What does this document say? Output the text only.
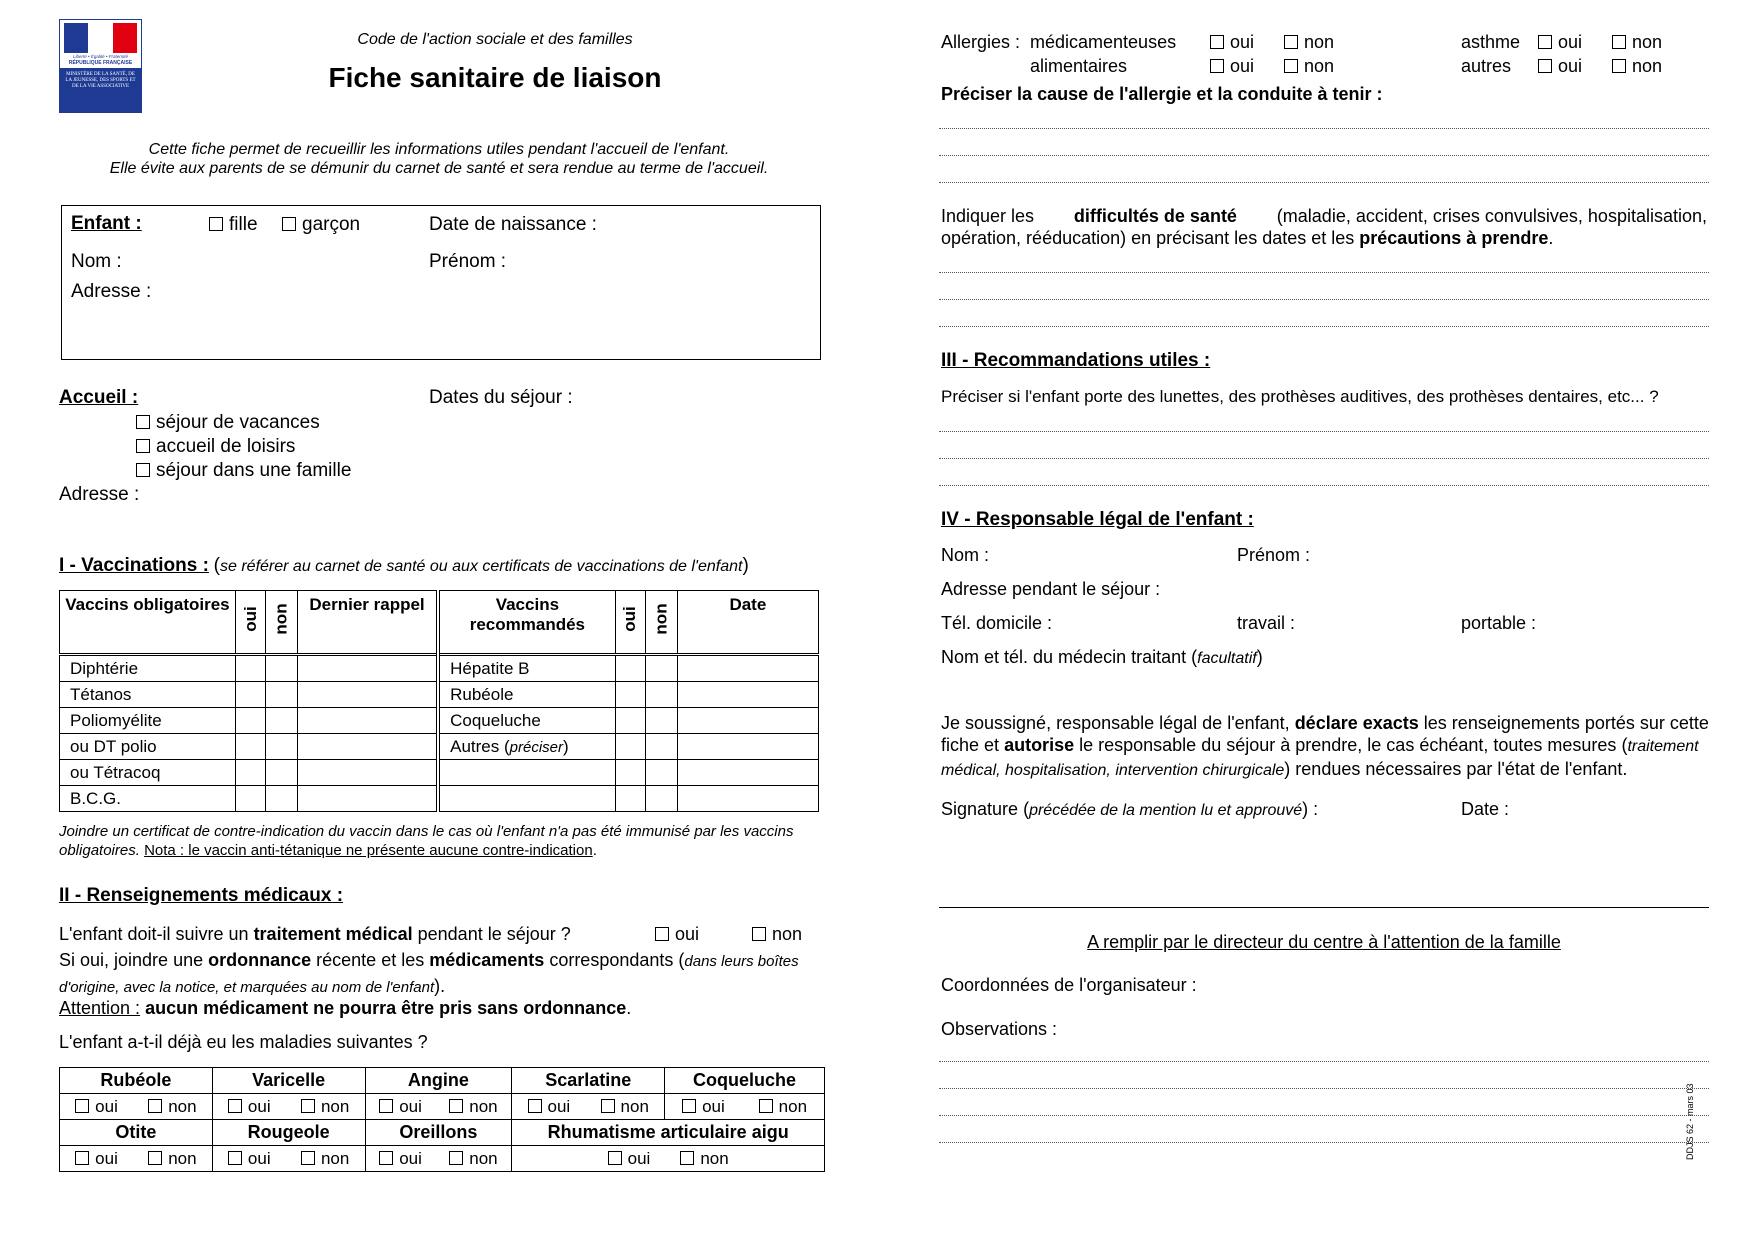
Liberté • Égalité • Fraternité
RÉPUBLIQUE FRANÇAISE
MINISTÈRE DE LA SANTÉ, DE LA JEUNESSE, DES SPORTS ET DE LA VIE ASSOCIATIVE
Code de l'action sociale et des familles
Fiche sanitaire de liaison
Cette fiche permet de recueillir les informations utiles pendant l'accueil de l'enfant.
Elle évite aux parents de se démunir du carnet de santé et sera rendue au terme de l'accueil.
Enfant :	fille	garçon	Date de naissance :
Nom :	Prénom :
Adresse :
Accueil :	Dates du séjour :
séjour de vacances
accueil de loisirs
séjour dans une famille
Adresse :
I - Vaccinations : (se référer au carnet de santé ou aux certificats de vaccinations de l'enfant)
Vaccins obligatoires	oui	non	Dernier rappel	Vaccins recommandés	oui	non	Date
Diphtérie				Hépatite B			
Tétanos				Rubéole			
Poliomyélite				Coqueluche			
ou DT polio				Autres (préciser)			
ou Tétracoq							
B.C.G.							
Joindre un certificat de contre-indication du vaccin dans le cas où l'enfant n'a pas été immunisé par les vaccins obligatoires. Nota : le vaccin anti-tétanique ne présente aucune contre-indication.
II - Renseignements médicaux :
L'enfant doit-il suivre un traitement médical pendant le séjour ?	oui	non
Si oui, joindre une ordonnance récente et les médicaments correspondants (dans leurs boîtes d'origine, avec la notice, et marquées au nom de l'enfant).
Attention : aucun médicament ne pourra être pris sans ordonnance.
L'enfant a-t-il déjà eu les maladies suivantes ?
Rubéole	Varicelle	Angine	Scarlatine	Coqueluche

oui non	oui non	oui non	oui non	oui non

Otite	Rougeole	Oreillons	Rhumatisme articulaire aigu	

oui non	oui non	oui non	oui non	
Allergies : médicamenteuses	oui	non	asthme	oui	non
alimentaires	oui	non	autres	oui	non
Préciser la cause de l'allergie et la conduite à tenir :
Indiquer les difficultés de santé (maladie, accident, crises convulsives, hospitalisation,
opération, rééducation) en précisant les dates et les précautions à prendre.
III - Recommandations utiles :
Préciser si l'enfant porte des lunettes, des prothèses auditives, des prothèses dentaires, etc... ?
IV - Responsable légal de l'enfant :
Nom :	Prénom :
Adresse pendant le séjour :
Tél. domicile :	travail :	portable :
Nom et tél. du médecin traitant (facultatif)
Je soussigné, responsable légal de l'enfant, déclare exacts les renseignements portés sur cette
fiche et autorise le responsable du séjour à prendre, le cas échéant, toutes mesures (traitement
médical, hospitalisation, intervention chirurgicale) rendues nécessaires par l'état de l'enfant.
Signature (précédée de la mention lu et approuvé) :	Date :
A remplir par le directeur du centre à l'attention de la famille
Coordonnées de l'organisateur :
Observations :
DDJS 62 - mars 03
